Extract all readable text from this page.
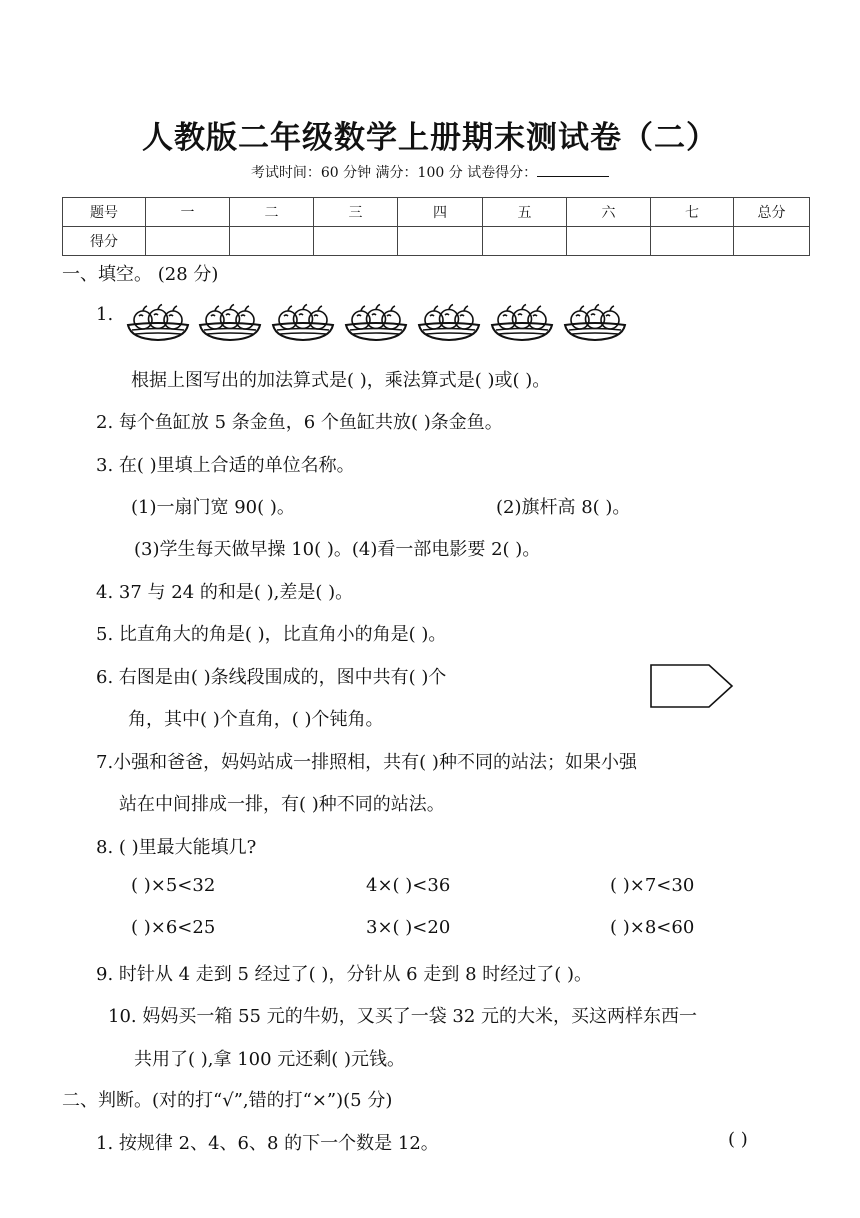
人教版二年级数学上册期末测试卷（二）
考试时间：60 分钟 满分：100 分 试卷得分：
题号	一	二	三	四	五	六	七	总分
得分								
一、填空。 (28 分)
1.
根据上图写出的加法算式是( )，乘法算式是( )或( )。
2. 每个鱼缸放 5 条金鱼，6 个鱼缸共放( )条金鱼。
3. 在( )里填上合适的单位名称。
(1)一扇门宽 90( )。	(2)旗杆高 8( )。
(3)学生每天做早操 10( )。(4)看一部电影要 2( )。
4. 37 与 24 的和是( ),差是( )。
5. 比直角大的角是( )，比直角小的角是( )。
6. 右图是由( )条线段围成的，图中共有( )个
角，其中( )个直角，( )个钝角。
7.小强和爸爸，妈妈站成一排照相，共有( )种不同的站法；如果小强
站在中间排成一排，有( )种不同的站法。
8. ( )里最大能填几?
( )×5<32	4×( )<36	( )×7<30
( )×6<25	3×( )<20	( )×8<60
9. 时针从 4 走到 5 经过了( )，分针从 6 走到 8 时经过了( )。
10. 妈妈买一箱 55 元的牛奶，又买了一袋 32 元的大米，买这两样东西一
共用了( ),拿 100 元还剩( )元钱。
二、判断。(对的打“√”,错的打“×”)(5 分)
1. 按规律 2、4、6、8 的下一个数是 12。	( )
